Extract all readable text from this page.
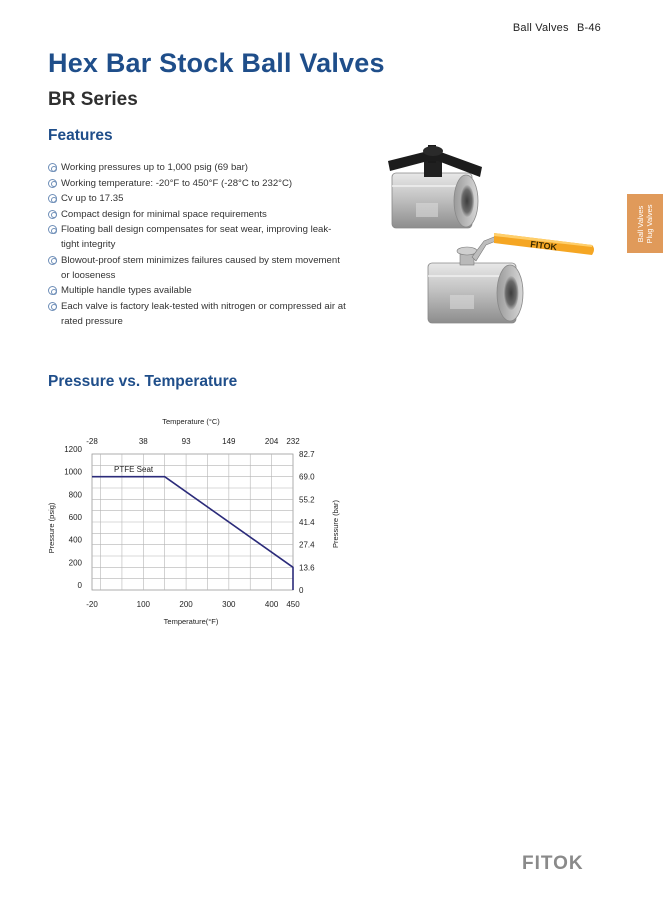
Ball Valves B-46
Hex Bar Stock Ball Valves
BR Series
Features
Working pressures up to 1,000 psig (69 bar)
Working temperature: -20°F to 450°F (-28°C to 232°C)
Cv up to 17.35
Compact design for minimal space requirements
Floating ball design compensates for seat wear, improving leak-tight integrity
Blowout-proof stem minimizes failures caused by stem movement or looseness
Multiple handle types available
Each valve is factory leak-tested with nitrogen or compressed air at rated pressure
Ball Valves Plug Valves
FITOK
Pressure vs. Temperature
Temperature (°C)
0
0
200
13.6
400
27.4
600
41.4
800
55.2
1000
69.0
1200
82.7
-20
-28
100
38
200
93
300
149
400
204
450
232
PTFE Seat
Temperature(°F)
Pressure (psig)	Pressure (bar)
FITOK
